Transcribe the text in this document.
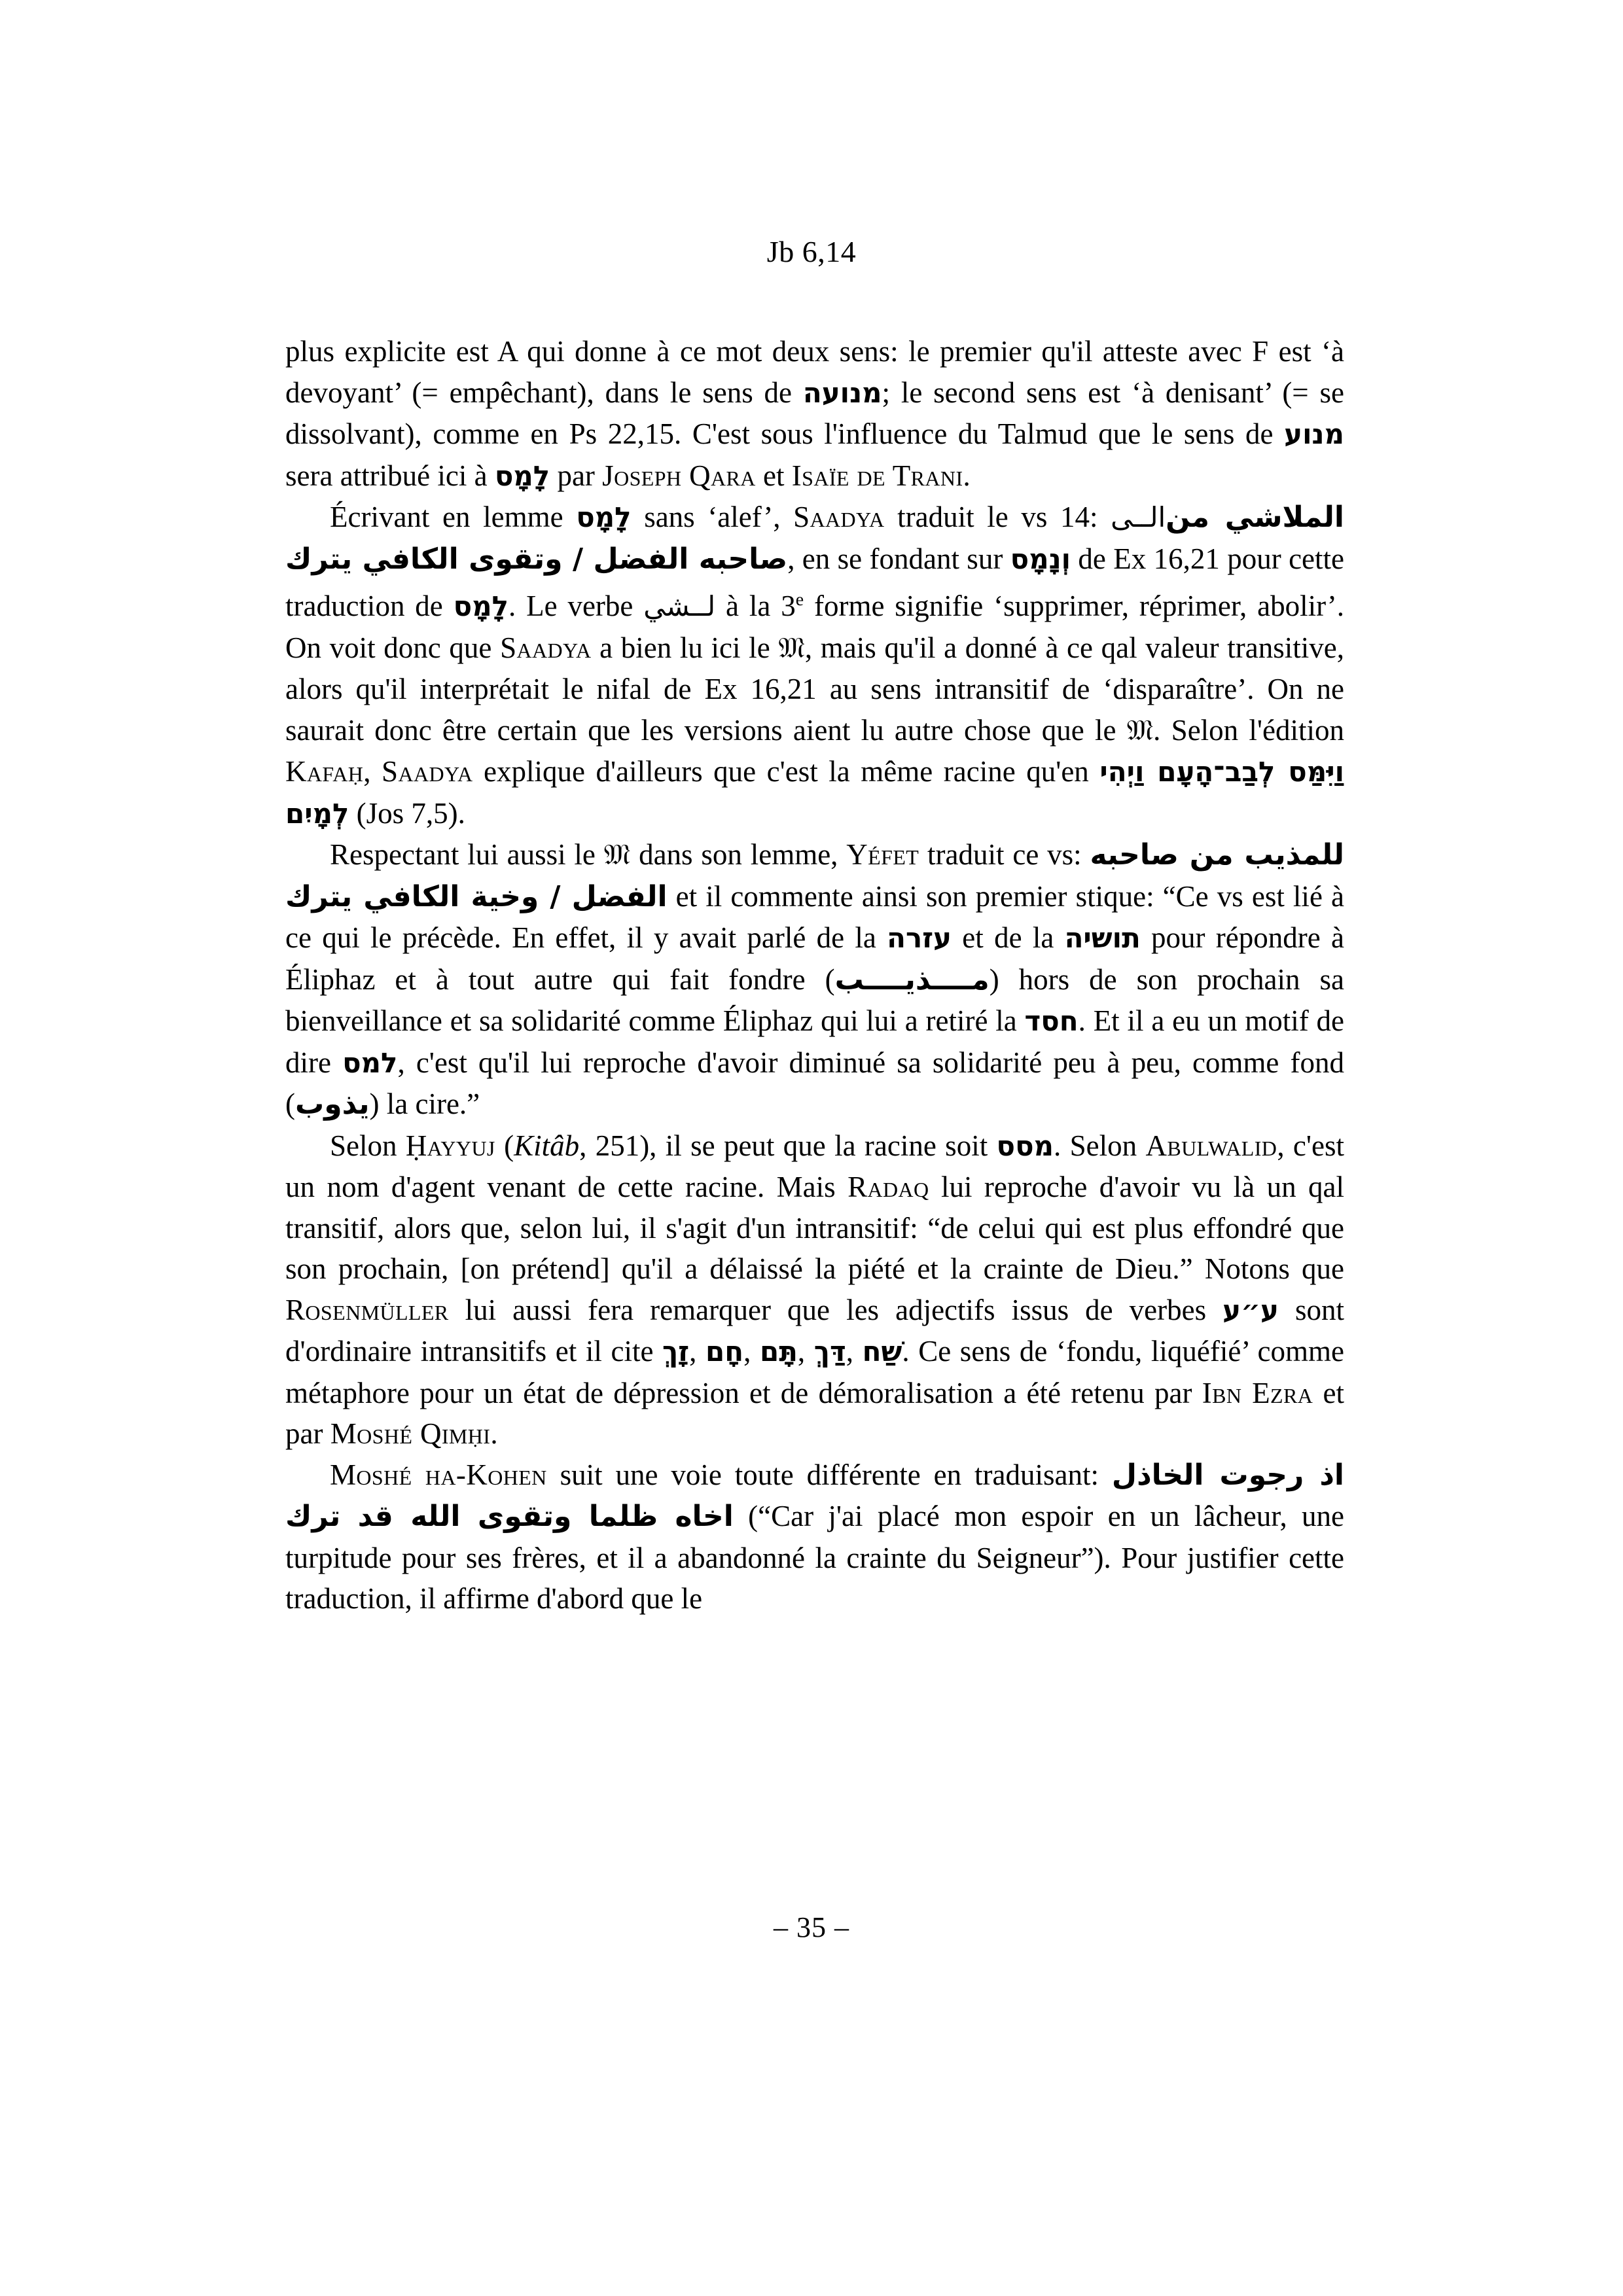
Jb 6,14

plus explicite est A qui donne à ce mot deux sens: le premier qu'il atteste avec F est ‘à devoyant’ (= empêchant), dans le sens de מנועה; le second sens est ‘à denisant’ (= se dissolvant), comme en Ps 22,15. C'est sous l'influence du Talmud que le sens de מנוע sera attribué ici à לָמָס par Joseph Qara et Isaïe de Trani.

Écrivant en lemme לָמָס sans ‘alef’, Saadya traduit le vs 14: الــىالملاشي من صاحبه الفضل / وتقوى الكافي يترك, en se fondant sur וְנָמָס de Ex 16,21 pour cette traduction de לָמָס. Le verbe لــشي à la 3e forme signifie ‘supprimer, réprimer, abolir’. On voit donc que Saadya a bien lu ici le 𝔐, mais qu'il a donné à ce qal valeur transitive, alors qu'il interprétait le nifal de Ex 16,21 au sens intransitif de ‘disparaître’. On ne saurait donc être certain que les versions aient lu autre chose que le 𝔐. Selon l'édition Kafaḥ, Saadya explique d'ailleurs que c'est la même racine qu'en וַיִּמַּס לְבַב־הָעָם וַיְהִי לְמָיִם (Jos 7,5).

Respectant lui aussi le 𝔐 dans son lemme, Yéfet traduit ce vs: للمذيب من صاحبه الفضل / وخية الكافي يترك et il commente ainsi son premier stique: “Ce vs est lié à ce qui le précède. En effet, il y avait parlé de la עזרה et de la תושיה pour répondre à Éliphaz et à tout autre qui fait fondre (مــــذيــــب) hors de son prochain sa bienveillance et sa solidarité comme Éliphaz qui lui a retiré la חסד. Et il a eu un motif de dire למס, c'est qu'il lui reproche d'avoir diminué sa solidarité peu à peu, comme fond (يذوب) la cire.”

Selon Ḥayyuj (Kitâb, 251), il se peut que la racine soit מסס. Selon Abulwalid, c'est un nom d'agent venant de cette racine. Mais Radaq lui reproche d'avoir vu là un qal transitif, alors que, selon lui, il s'agit d'un intransitif: “de celui qui est plus effondré que son prochain, [on prétend] qu'il a délaissé la piété et la crainte de Dieu.” Notons que Rosenmüller lui aussi fera remarquer que les adjectifs issus de verbes ע״ע sont d'ordinaire intransitifs et il cite זָךְ, חָם, תָּם, דַּךְ, שַׁח. Ce sens de ‘fondu, liquéfié’ comme métaphore pour un état de dépression et de démoralisation a été retenu par Ibn Ezra et par Moshé Qimḥi.

Moshé ha-Kohen suit une voie toute différente en traduisant: اذ رجوت الخاذل اخاه ظلما وتقوى الله قد ترك (“Car j'ai placé mon espoir en un lâcheur, une turpitude pour ses frères, et il a abandonné la crainte du Seigneur”). Pour justifier cette traduction, il affirme d'abord que le

– 35 –
